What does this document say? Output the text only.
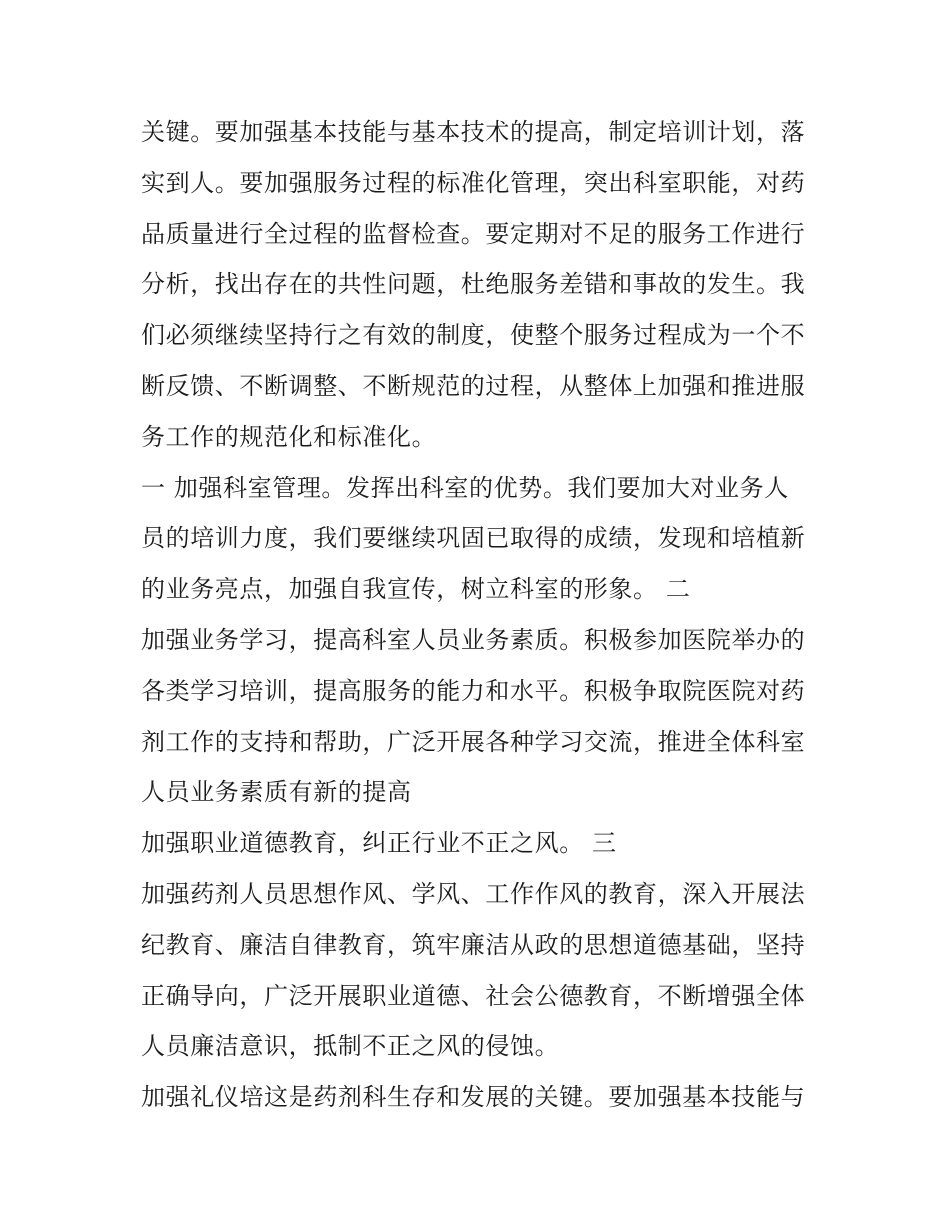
关键。要加强基本技能与基本技术的提高，制定培训计划，落
实到人。要加强服务过程的标准化管理，突出科室职能，对药
品质量进行全过程的监督检查。要定期对不足的服务工作进行
分析，找出存在的共性问题，杜绝服务差错和事故的发生。我
们必须继续坚持行之有效的制度，使整个服务过程成为一个不
断反馈、不断调整、不断规范的过程，从整体上加强和推进服
务工作的规范化和标准化。
一 加强科室管理。发挥出科室的优势。我们要加大对业务人
员的培训力度，我们要继续巩固已取得的成绩，发现和培植新
的业务亮点，加强自我宣传，树立科室的形象。 二
加强业务学习，提高科室人员业务素质。积极参加医院举办的
各类学习培训，提高服务的能力和水平。积极争取院医院对药
剂工作的支持和帮助，广泛开展各种学习交流，推进全体科室
人员业务素质有新的提高
加强职业道德教育，纠正行业不正之风。 三
加强药剂人员思想作风、学风、工作作风的教育，深入开展法
纪教育、廉洁自律教育，筑牢廉洁从政的思想道德基础，坚持
正确导向，广泛开展职业道德、社会公德教育，不断增强全体
人员廉洁意识，抵制不正之风的侵蚀。
加强礼仪培这是药剂科生存和发展的关键。要加强基本技能与
